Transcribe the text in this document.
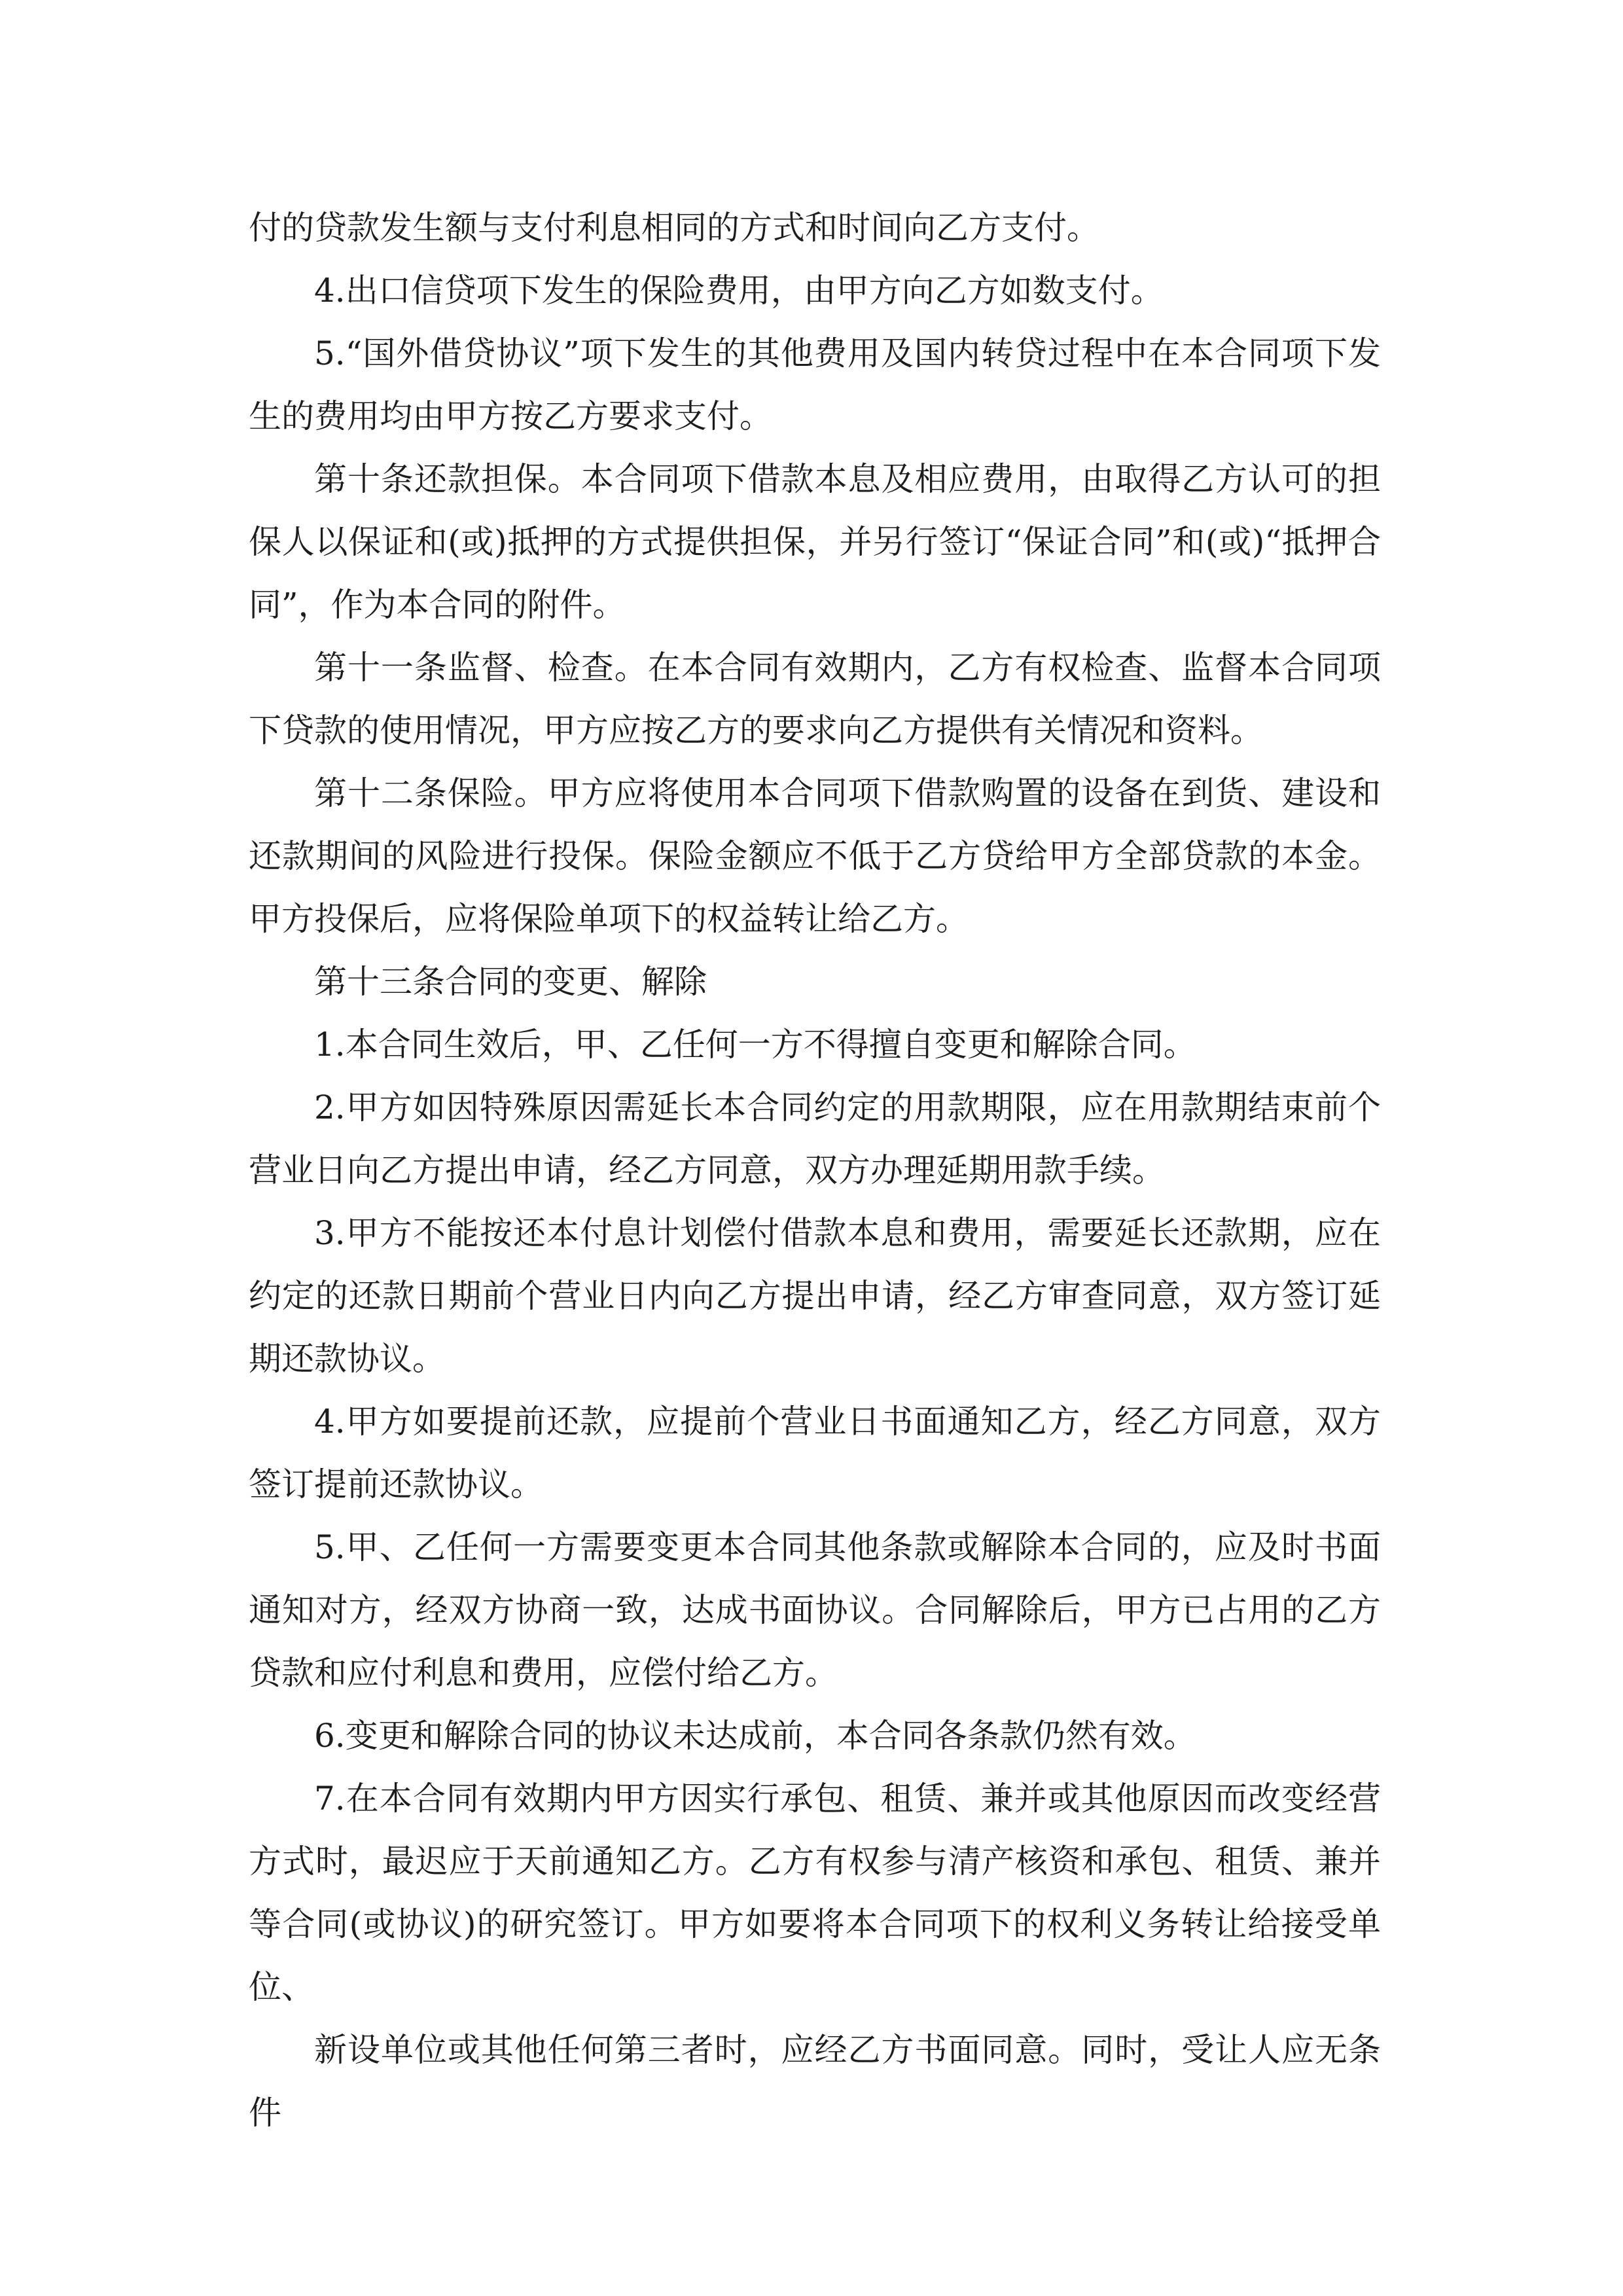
付的贷款发生额与支付利息相同的方式和时间向乙方支付。

4.出口信贷项下发生的保险费用，由甲方向乙方如数支付。

5.“国外借贷协议”项下发生的其他费用及国内转贷过程中在本合同项下发生的费用均由甲方按乙方要求支付。

第十条还款担保。本合同项下借款本息及相应费用，由取得乙方认可的担保人以保证和(或)抵押的方式提供担保，并另行签订“保证合同”和(或)“抵押合同”，作为本合同的附件。

第十一条监督、检查。在本合同有效期内，乙方有权检查、监督本合同项下贷款的使用情况，甲方应按乙方的要求向乙方提供有关情况和资料。

第十二条保险。甲方应将使用本合同项下借款购置的设备在到货、建设和还款期间的风险进行投保。保险金额应不低于乙方贷给甲方全部贷款的本金。甲方投保后，应将保险单项下的权益转让给乙方。

第十三条合同的变更、解除

1.本合同生效后，甲、乙任何一方不得擅自变更和解除合同。

2.甲方如因特殊原因需延长本合同约定的用款期限，应在用款期结束前个营业日向乙方提出申请，经乙方同意，双方办理延期用款手续。

3.甲方不能按还本付息计划偿付借款本息和费用，需要延长还款期，应在约定的还款日期前个营业日内向乙方提出申请，经乙方审查同意，双方签订延期还款协议。

4.甲方如要提前还款，应提前个营业日书面通知乙方，经乙方同意，双方签订提前还款协议。

5.甲、乙任何一方需要变更本合同其他条款或解除本合同的，应及时书面通知对方，经双方协商一致，达成书面协议。合同解除后，甲方已占用的乙方贷款和应付利息和费用，应偿付给乙方。

6.变更和解除合同的协议未达成前，本合同各条款仍然有效。

7.在本合同有效期内甲方因实行承包、租赁、兼并或其他原因而改变经营方式时，最迟应于天前通知乙方。乙方有权参与清产核资和承包、租赁、兼并等合同(或协议)的研究签订。甲方如要将本合同项下的权利义务转让给接受单位、

新设单位或其他任何第三者时，应经乙方书面同意。同时，受让人应无条件
